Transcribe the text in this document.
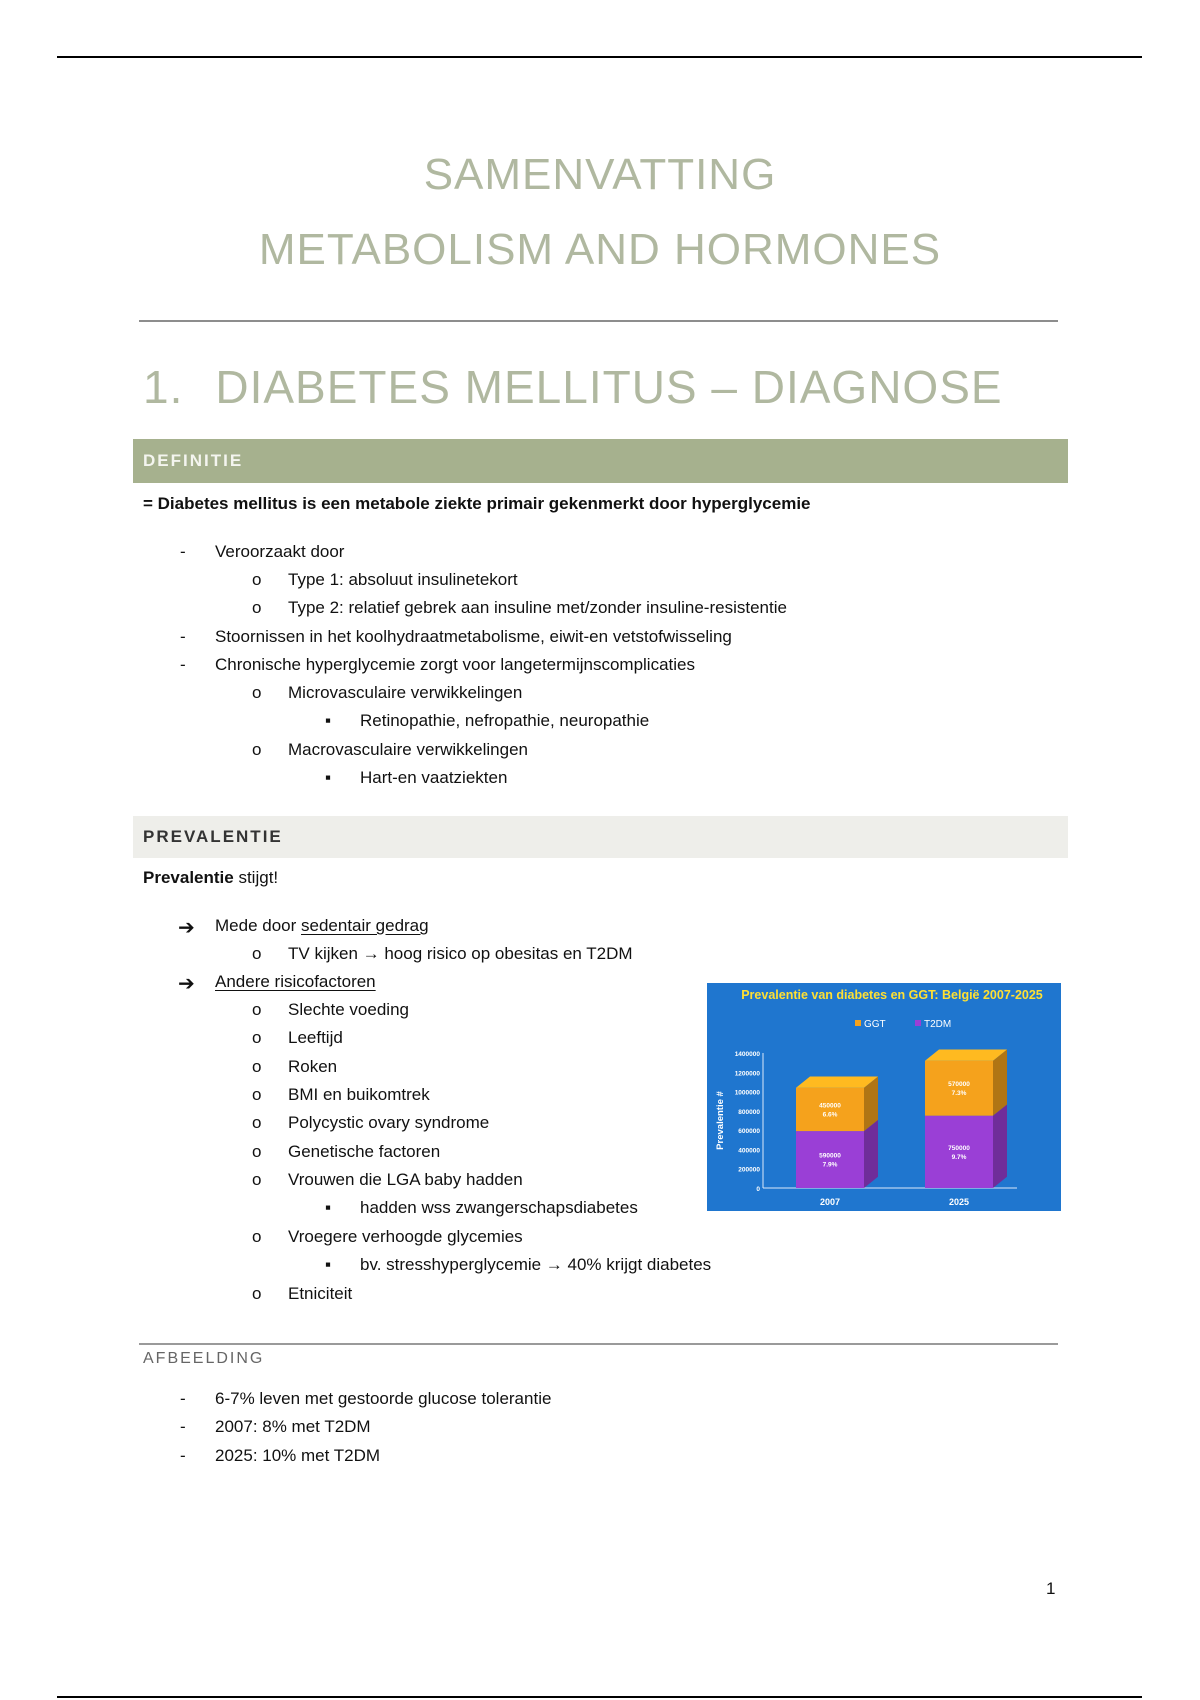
SAMENVATTING
METABOLISM AND HORMONES
1. DIABETES MELLITUS – DIAGNOSE
DEFINITIE
= Diabetes mellitus is een metabole ziekte primair gekenmerkt door hyperglycemie
- Veroorzaakt door
o Type 1: absoluut insulinetekort
o Type 2: relatief gebrek aan insuline met/zonder insuline-resistentie
- Stoornissen in het koolhydraatmetabolisme, eiwit-en vetstofwisseling
- Chronische hyperglycemie zorgt voor langetermijnscomplicaties
o Microvasculaire verwikkelingen
▪ Retinopathie, nefropathie, neuropathie
o Macrovasculaire verwikkelingen
▪ Hart-en vaatziekten
PREVALENTIE
Prevalentie stijgt!
➔ Mede door sedentair gedrag
o TV kijken → hoog risico op obesitas en T2DM
➔ Andere risicofactoren
o Slechte voeding
o Leeftijd
o Roken
o BMI en buikomtrek
o Polycystic ovary syndrome
o Genetische factoren
o Vrouwen die LGA baby hadden
▪ hadden wss zwangerschapsdiabetes
o Vroegere verhoogde glycemies
▪ bv. stresshyperglycemie → 40% krijgt diabetes
o Etniciteit
Prevalentie van diabetes en GGT: België 2007-2025
GGT	T2DM
0
200000
400000
600000
800000
1000000
1200000
1400000
Prevalentie #
590000
7.9%
450000
6.6%
2007
750000
9.7%
570000
7.3%
2025
AFBEELDING
- 6-7% leven met gestoorde glucose tolerantie
- 2007: 8% met T2DM
- 2025: 10% met T2DM
1
